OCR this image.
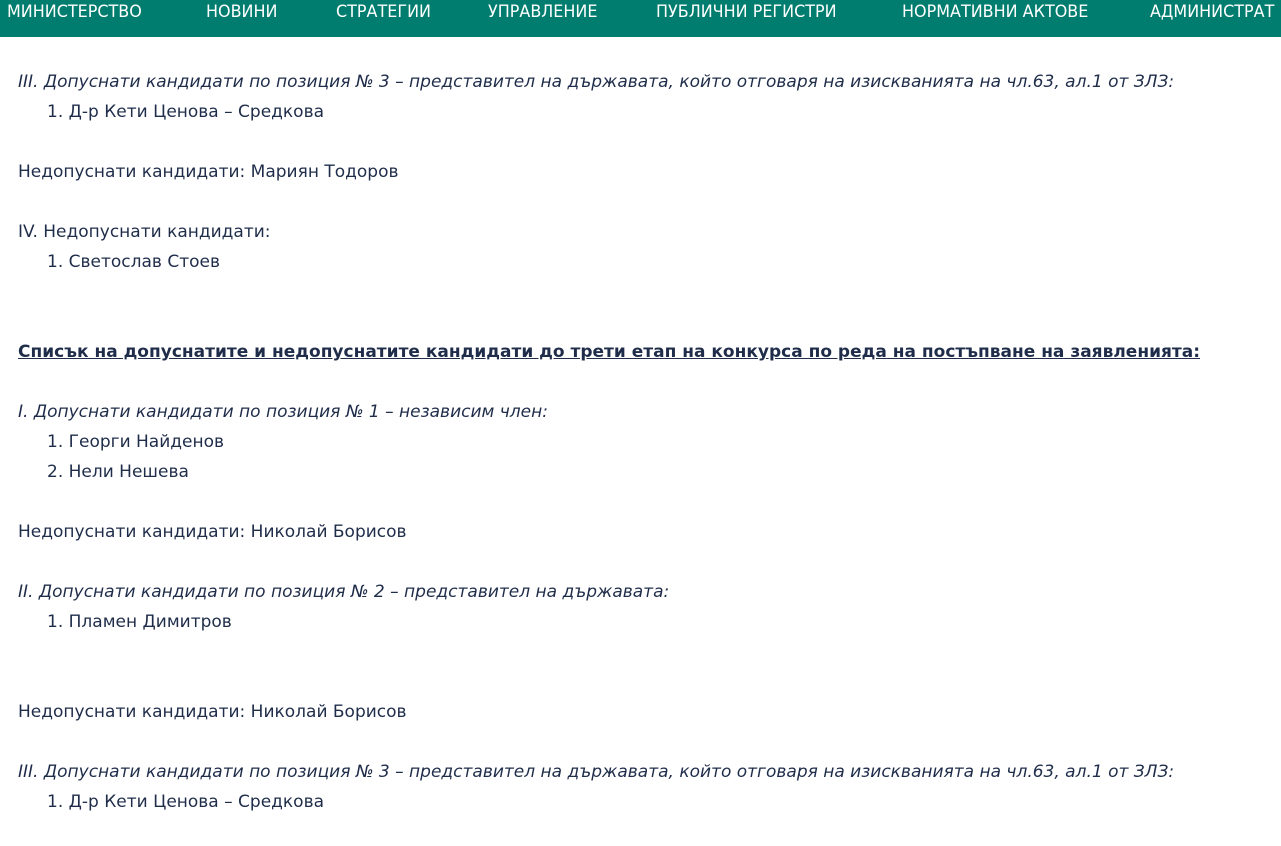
МИНИСТЕРСТВО	НОВИНИ	СТРАТЕГИИ	УПРАВЛЕНИЕ	ПУБЛИЧНИ РЕГИСТРИ	НОРМАТИВНИ АКТОВЕ	АДМИНИСТРАТ
III. Допуснати кандидати по позиция № 3 – представител на държавата, който отговаря на изискванията на чл.63, ал.1 от ЗЛЗ:
1. Д-р Кети Ценова – Средкова
Недопуснати кандидати: Мариян Тодоров
IV. Недопуснати кандидати:
1. Светослав Стоев
Списък на допуснатите и недопуснатите кандидати до трети етап на конкурса по реда на постъпване на заявленията:
I. Допуснати кандидати по позиция № 1 – независим член:
1. Георги Найденов
2. Нели Нешева
Недопуснати кандидати: Николай Борисов
II. Допуснати кандидати по позиция № 2 – представител на държавата:
1. Пламен Димитров
Недопуснати кандидати: Николай Борисов
III. Допуснати кандидати по позиция № 3 – представител на държавата, който отговаря на изискванията на чл.63, ал.1 от ЗЛЗ:
1. Д-р Кети Ценова – Средкова
